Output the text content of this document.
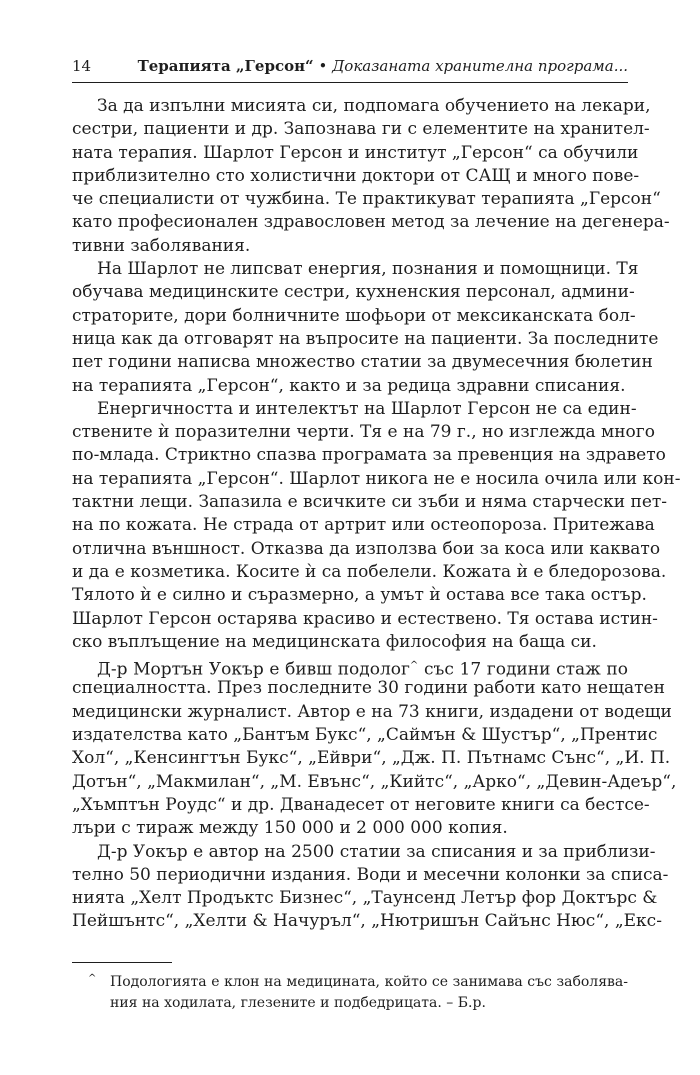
14	Терапията „Герсон“ • Доказаната хранителна програма...
За да изпълни мисията си, подпомага обучението на лекари,
сестри, пациенти и др. Запознава ги с елементите на хранител-
ната терапия. Шарлот Герсон и институт „Герсон“ са обучили
приблизително сто холистични доктори от САЩ и много пове-
че специалисти от чужбина. Те практикуват терапията „Герсон“
като професионален здравословен метод за лечение на дегенера-
тивни заболявания.
На Шарлот не липсват енергия, познания и помощници. Тя
обучава медицинските сестри, кухненския персонал, админи-
страторите, дори болничните шофьори от мексиканската бол-
ница как да отговарят на въпросите на пациенти. За последните
пет години написва множество статии за двумесечния бюлетин
на терапията „Герсон“, както и за редица здравни списания.
Енергичността и интелектът на Шарлот Герсон не са един-
ствените ѝ поразителни черти. Тя е на 79 г., но изглежда много
по-млада. Стриктно спазва програмата за превенция на здравето
на терапията „Герсон“. Шарлот никога не е носила очила или кон-
тактни лещи. Запазила е всичките си зъби и няма старчески пет-
на по кожата. Не страда от артрит или остеопороза. Притежава
отлична външност. Отказва да използва бои за коса или каквато
и да е козметика. Косите ѝ са побелели. Кожата ѝ е бледорозова.
Тялото ѝ е силно и съразмерно, а умът ѝ остава все така остър.
Шарлот Герсон остарява красиво и естествено. Тя остава истин-
ско въплъщение на медицинската философия на баща си.
Д-р Мортън Уокър е бивш подолог^ със 17 години стаж по
специалността. През последните 30 години работи като нещатен
медицински журналист. Автор е на 73 книги, издадени от водещи
издателства като „Бантъм Букс“, „Саймън & Шустър“, „Прентис
Хол“, „Кенсингтън Букс“, „Ейври“, „Дж. П. Пътнамс Сънс“, „И. П.
Дотън“, „Макмилан“, „М. Евънс“, „Кийтс“, „Арко“, „Девин-Адеър“,
„Хъмптън Роудс“ и др. Дванадесет от неговите книги са бестсе-
лъри с тираж между 150 000 и 2 000 000 копия.
Д-р Уокър е автор на 2500 статии за списания и за приблизи-
телно 50 периодични издания. Води и месечни колонки за списа-
нията „Хелт Продъктс Бизнес“, „Таунсенд Летър фор Доктърс &
Пейшънтс“, „Хелти & Начуръл“, „Нютришън Сайънс Нюс“, „Екс-
^ Подологията е клон на медицината, който се занимава със заболява-
ния на ходилата, глезените и подбедрицата. – Б.р.
